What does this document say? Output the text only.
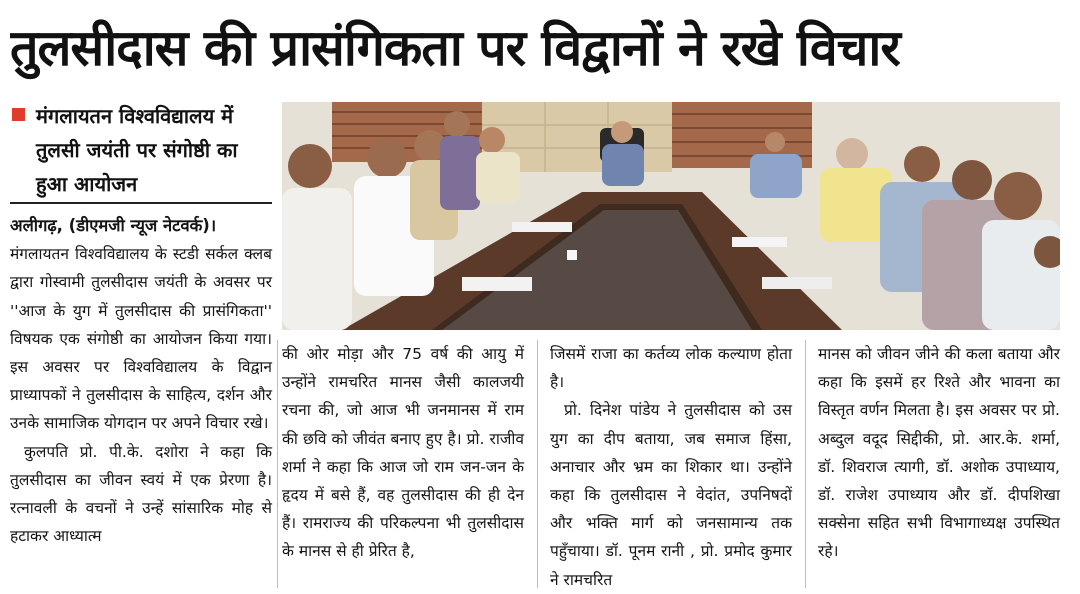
तुलसीदास की प्रासंगिकता पर विद्वानों ने रखे विचार
मंगलायतन विश्वविद्यालय में तुलसी जयंती पर संगोष्ठी का हुआ आयोजन

अलीगढ़, (डीएमजी न्यूज नेटवर्क)।

मंगलायतन विश्वविद्यालय के स्टडी सर्कल क्लब द्वारा गोस्वामी तुलसीदास जयंती के अवसर पर ''आज के युग में तुलसीदास की प्रासंगिकता'' विषयक एक संगोष्ठी का आयोजन किया गया। इस अवसर पर विश्वविद्यालय के विद्वान प्राध्यापकों ने तुलसीदास के साहित्य, दर्शन और उनके सामाजिक योगदान पर अपने विचार रखे।

कुलपति प्रो. पी.के. दशोरा ने कहा कि तुलसीदास का जीवन स्वयं में एक प्रेरणा है। रत्नावली के वचनों ने उन्हें सांसारिक मोह से हटाकर आध्यात्म

की ओर मोड़ा और 75 वर्ष की आयु में उन्होंने रामचरित मानस जैसी कालजयी रचना की, जो आज भी जनमानस में राम की छवि को जीवंत बनाए हुए है। प्रो. राजीव शर्मा ने कहा कि आज जो राम जन-जन के हृदय में बसे हैं, वह तुलसीदास की ही देन हैं। रामराज्य की परिकल्पना भी तुलसीदास के मानस से ही प्रेरित है,

जिसमें राजा का कर्तव्य लोक कल्याण होता है।

प्रो. दिनेश पांडेय ने तुलसीदास को उस युग का दीप बताया, जब समाज हिंसा, अनाचार और भ्रम का शिकार था। उन्होंने कहा कि तुलसीदास ने वेदांत, उपनिषदों और भक्ति मार्ग को जनसामान्य तक पहुँचाया। डॉ. पूनम रानी , प्रो. प्रमोद कुमार ने रामचरित

मानस को जीवन जीने की कला बताया और कहा कि इसमें हर रिश्ते और भावना का विस्तृत वर्णन मिलता है। इस अवसर पर प्रो. अब्दुल वदूद सिद्दीकी, प्रो. आर.के. शर्मा, डॉ. शिवराज त्यागी, डॉ. अशोक उपाध्याय, डॉ. राजेश उपाध्याय और डॉ. दीपशिखा सक्सेना सहित सभी विभागाध्यक्ष उपस्थित रहे।
